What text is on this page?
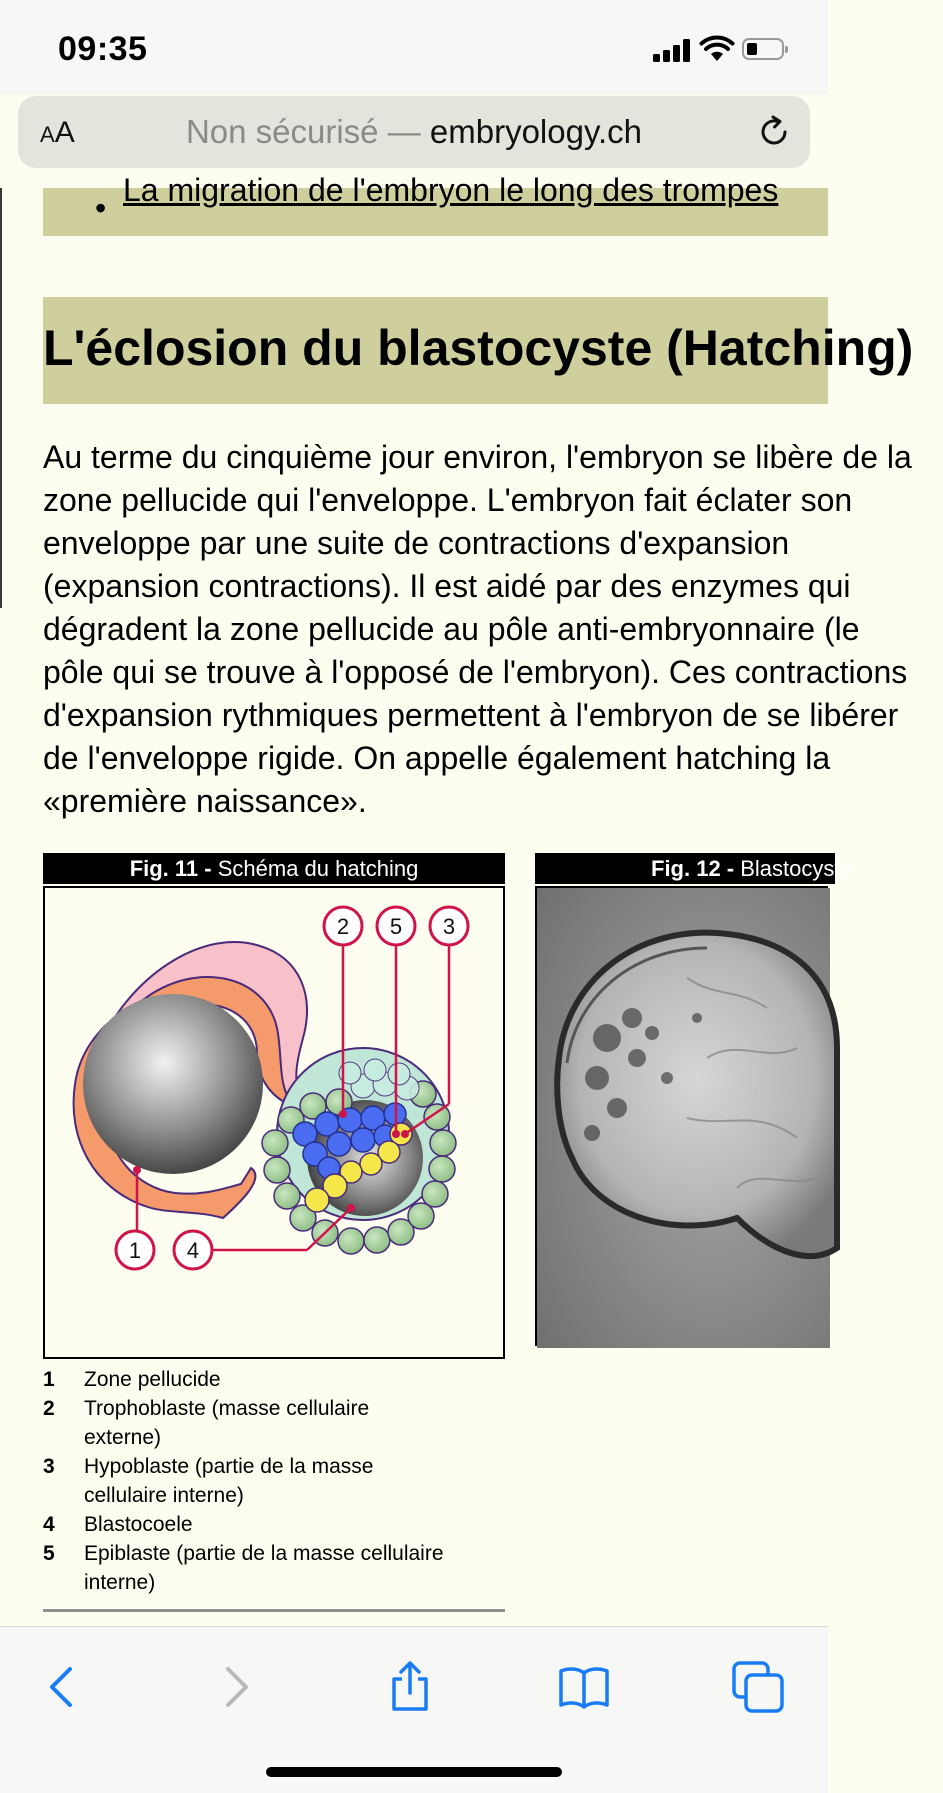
09:35
AA	Non sécurisé — embryology.ch
• La migration de l'embryon le long des trompes
L'éclosion du blastocyste (Hatching)
Au terme du cinquième jour environ, l'embryon se libère de la
zone pellucide qui l'enveloppe. L'embryon fait éclater son
enveloppe par une suite de contractions d'expansion
(expansion contractions). Il est aidé par des enzymes qui
dégradent la zone pellucide au pôle anti-embryonnaire (le
pôle qui se trouve à l'opposé de l'embryon). Ces contractions
d'expansion rythmiques permettent à l'embryon de se libérer
de l'enveloppe rigide. On appelle également hatching la
«première naissance».
Fig. 11 - Schéma du hatching
2 5 3
1 4
1	Zone pellucide
2	Trophoblaste (masse cellulaire externe)
3	Hypoblaste (partie de la masse cellulaire interne)
4	Blastocoele
5	Epiblaste (partie de la masse cellulaire interne)
Fig. 12 - Blastocyste
